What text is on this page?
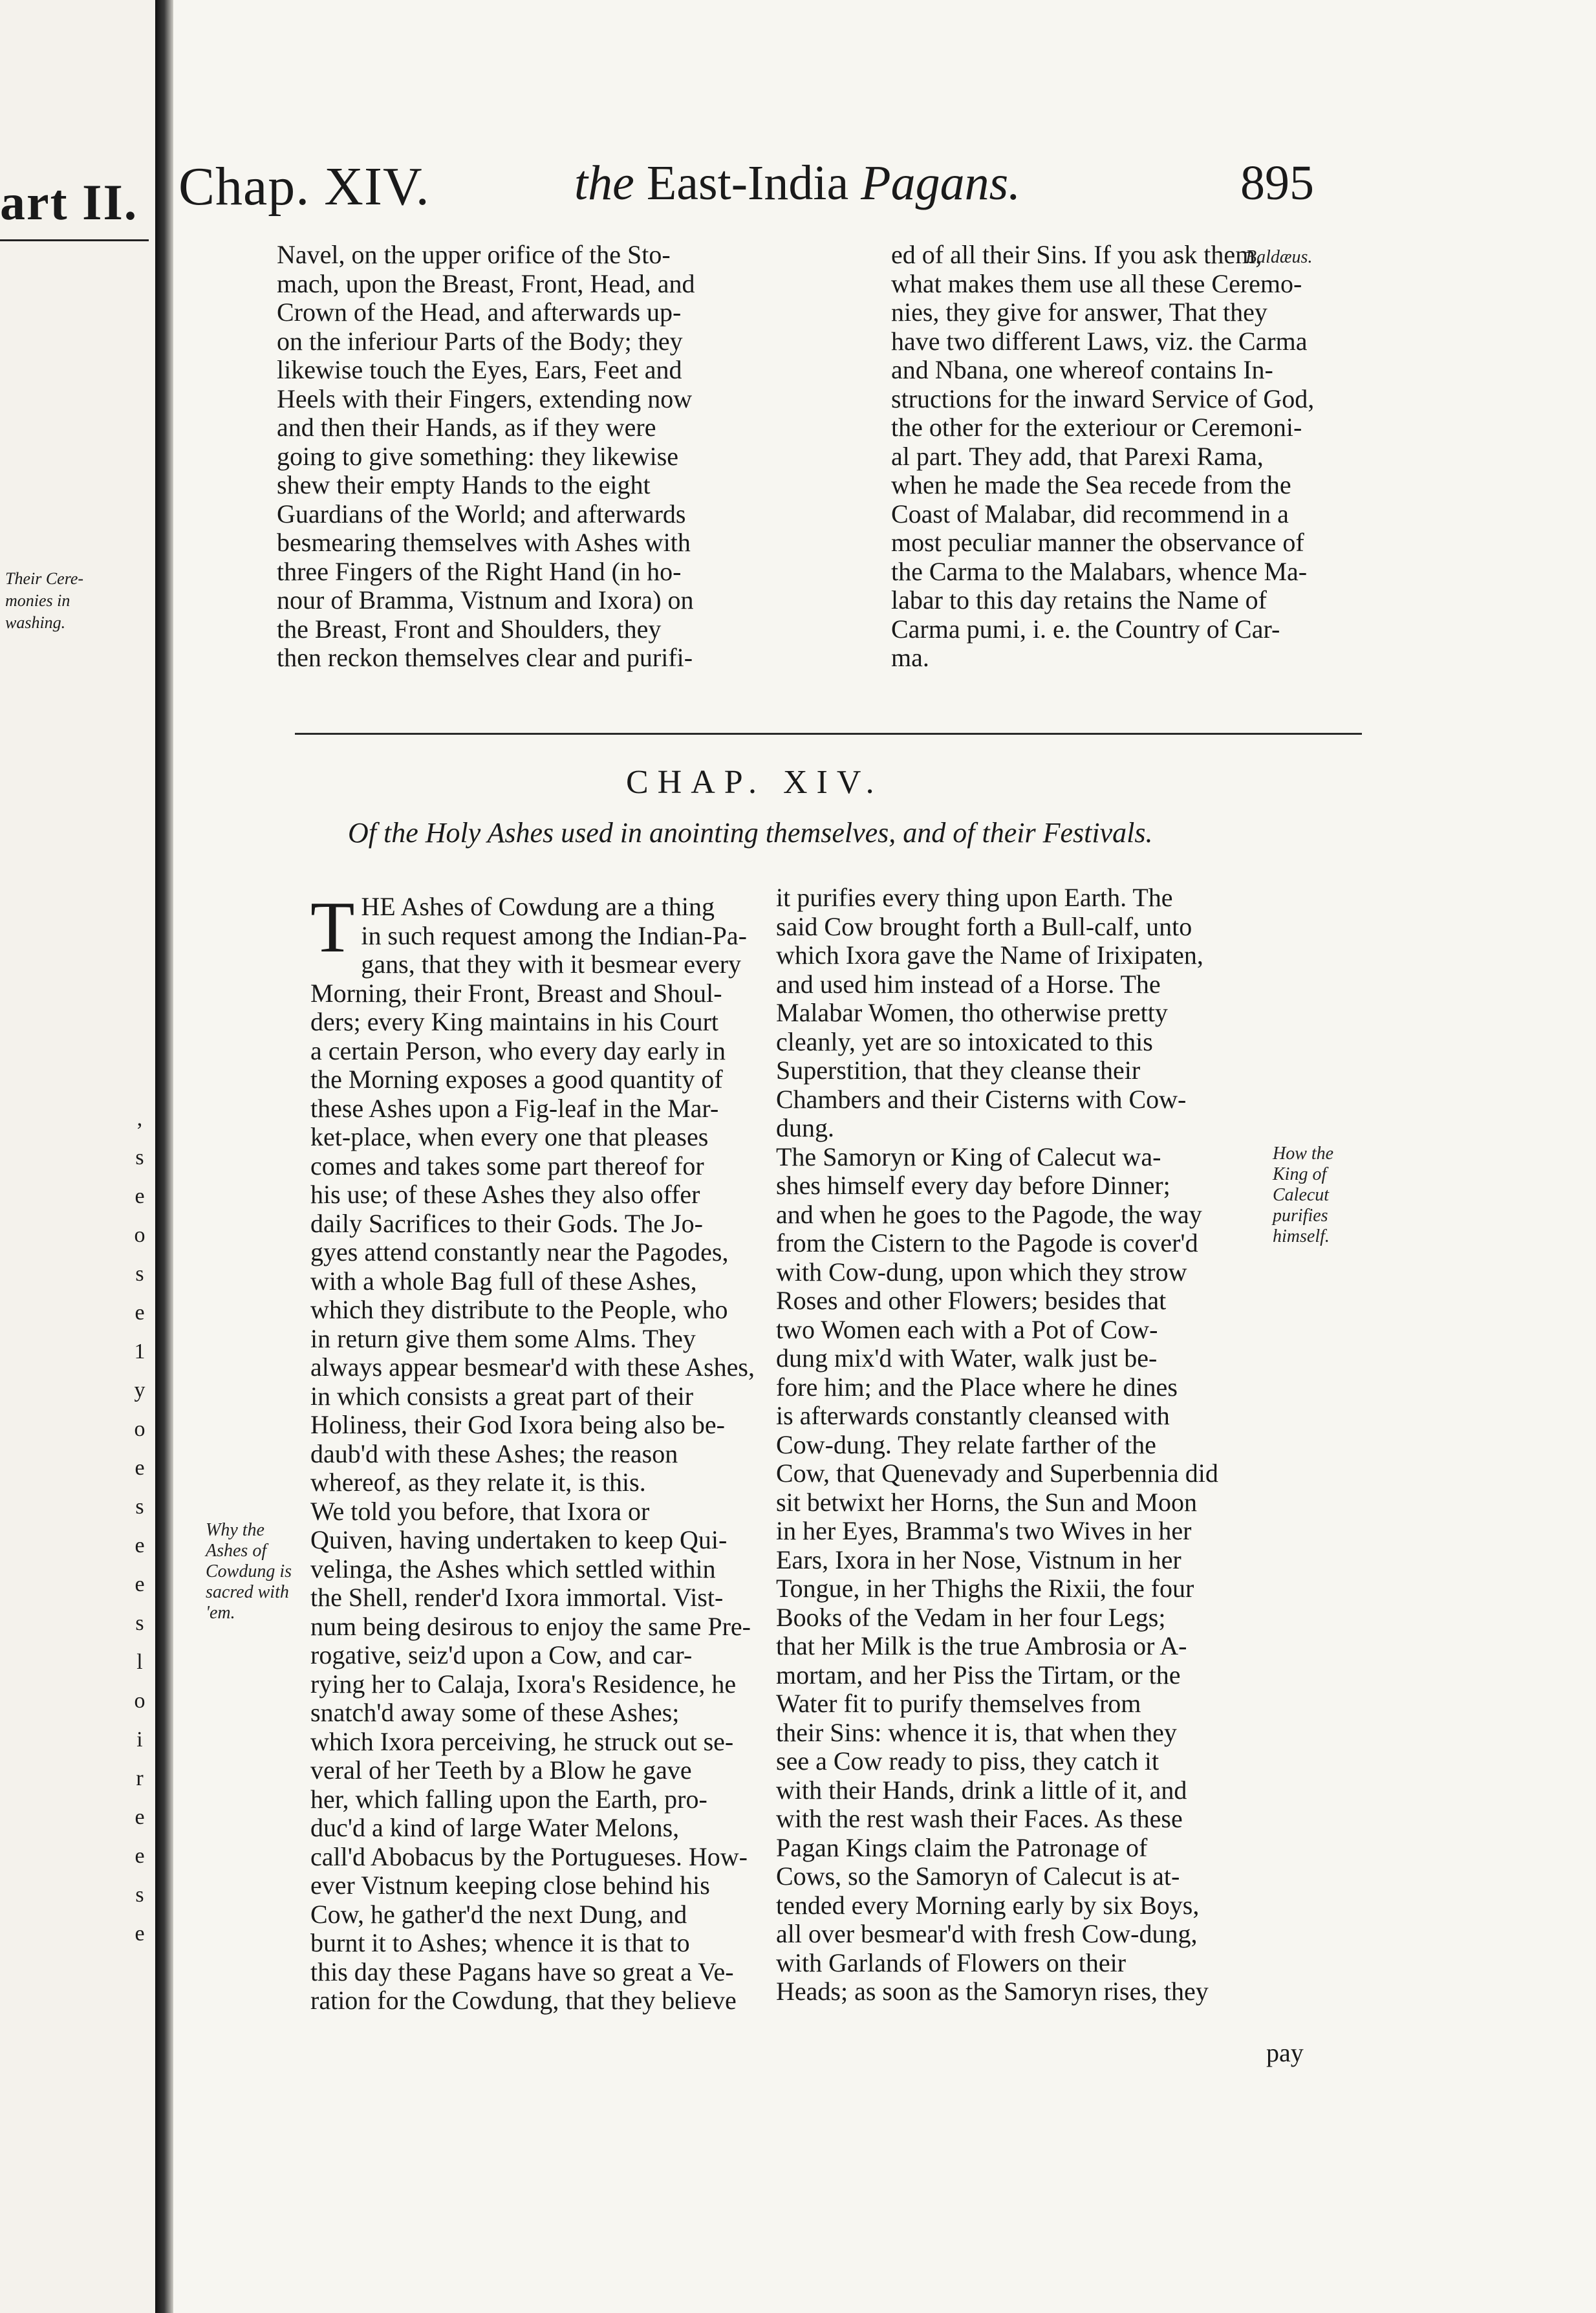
art II.
Their Cere-
monies in
washing.
,
s
e
o
s
e
1
y
o
e
s
e
e
s
l
o
i
r
e
e
s
e
Chap. XIV.	the East-India Pagans.	895
Navel, on the upper orifice of the Sto-
mach, upon the Breast, Front, Head, and
Crown of the Head, and afterwards up-
on the inferiour Parts of the Body; they
likewise touch the Eyes, Ears, Feet and
Heels with their Fingers, extending now
and then their Hands, as if they were
going to give something: they likewise
shew their empty Hands to the eight
Guardians of the World; and afterwards
besmearing themselves with Ashes with
three Fingers of the Right Hand (in ho-
nour of Bramma, Vistnum and Ixora) on
the Breast, Front and Shoulders, they
then reckon themselves clear and purifi-
ed of all their Sins. If you ask them,
what makes them use all these Ceremo-
nies, they give for answer, That they
have two different Laws, viz. the Carma
and Nbana, one whereof contains In-
structions for the inward Service of God,
the other for the exteriour or Ceremoni-
al part. They add, that Parexi Rama,
when he made the Sea recede from the
Coast of Malabar, did recommend in a
most peculiar manner the observance of
the Carma to the Malabars, whence Ma-
labar to this day retains the Name of
Carma pumi, i. e. the Country of Car-
ma.
Baldæus.
CHAP. XIV.
Of the Holy Ashes used in anointing themselves, and of their Festivals.
T HE Ashes of Cowdung are a thing
in such request among the Indian-Pa-
gans, that they with it besmear every
Morning, their Front, Breast and Shoul-
ders; every King maintains in his Court
a certain Person, who every day early in
the Morning exposes a good quantity of
these Ashes upon a Fig-leaf in the Mar-
ket-place, when every one that pleases
comes and takes some part thereof for
his use; of these Ashes they also offer
daily Sacrifices to their Gods. The Jo-
gyes attend constantly near the Pagodes,
with a whole Bag full of these Ashes,
which they distribute to the People, who
in return give them some Alms. They
always appear besmear'd with these Ashes,
in which consists a great part of their
Holiness, their God Ixora being also be-
daub'd with these Ashes; the reason
whereof, as they relate it, is this.
We told you before, that Ixora or
Quiven, having undertaken to keep Qui-
velinga, the Ashes which settled within
the Shell, render'd Ixora immortal. Vist-
num being desirous to enjoy the same Pre-
rogative, seiz'd upon a Cow, and car-
rying her to Calaja, Ixora's Residence, he
snatch'd away some of these Ashes;
which Ixora perceiving, he struck out se-
veral of her Teeth by a Blow he gave
her, which falling upon the Earth, pro-
duc'd a kind of large Water Melons,
call'd Abobacus by the Portugueses. How-
ever Vistnum keeping close behind his
Cow, he gather'd the next Dung, and
burnt it to Ashes; whence it is that to
this day these Pagans have so great a Ve-
ration for the Cowdung, that they believe
Why the
Ashes of
Cowdung is
sacred with
'em.
How the
King of
Calecut
purifies
himself.
pay
it purifies every thing upon Earth. The
said Cow brought forth a Bull-calf, unto
which Ixora gave the Name of Irixipaten,
and used him instead of a Horse. The
Malabar Women, tho otherwise pretty
cleanly, yet are so intoxicated to this
Superstition, that they cleanse their
Chambers and their Cisterns with Cow-
dung.
The Samoryn or King of Calecut wa-
shes himself every day before Dinner;
and when he goes to the Pagode, the way
from the Cistern to the Pagode is cover'd
with Cow-dung, upon which they strow
Roses and other Flowers; besides that
two Women each with a Pot of Cow-
dung mix'd with Water, walk just be-
fore him; and the Place where he dines
is afterwards constantly cleansed with
Cow-dung. They relate farther of the
Cow, that Quenevady and Superbennia did
sit betwixt her Horns, the Sun and Moon
in her Eyes, Bramma's two Wives in her
Ears, Ixora in her Nose, Vistnum in her
Tongue, in her Thighs the Rixii, the four
Books of the Vedam in her four Legs;
that her Milk is the true Ambrosia or A-
mortam, and her Piss the Tirtam, or the
Water fit to purify themselves from
their Sins: whence it is, that when they
see a Cow ready to piss, they catch it
with their Hands, drink a little of it, and
with the rest wash their Faces. As these
Pagan Kings claim the Patronage of
Cows, so the Samoryn of Calecut is at-
tended every Morning early by six Boys,
all over besmear'd with fresh Cow-dung,
with Garlands of Flowers on their
Heads; as soon as the Samoryn rises, they
